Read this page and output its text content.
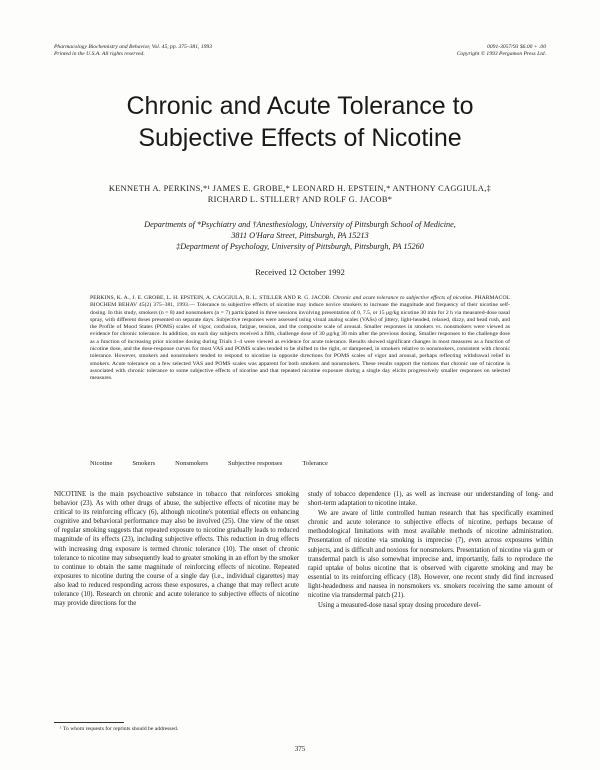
Pharmacology Biochemistry and Behavior, Vol. 45, pp. 375–381, 1993
Printed in the U.S.A. All rights reserved.
0091-3057/93 $6.00 + .00
Copyright © 1993 Pergamon Press Ltd.
Chronic and Acute Tolerance to
Subjective Effects of Nicotine
KENNETH A. PERKINS,*¹ JAMES E. GROBE,* LEONARD H. EPSTEIN,* ANTHONY CAGGIULA,‡
RICHARD L. STILLER† AND ROLF G. JACOB*
Departments of *Psychiatry and †Anesthesiology, University of Pittsburgh School of Medicine,
3811 O'Hara Street, Pittsburgh, PA 15213
‡Department of Psychology, University of Pittsburgh, Pittsburgh, PA 15260
Received 12 October 1992
PERKINS, K. A., J. E. GROBE, L. H. EPSTEIN, A. CAGGIULA, R. L. STILLER AND R. G. JACOB. Chronic and acute tolerance to subjective effects of nicotine. PHARMACOL BIOCHEM BEHAV 45(2) 375–381, 1993.— Tolerance to subjective effects of nicotine may induce novice smokers to increase the magnitude and frequency of their nicotine self-dosing. In this study, smokers (n = 8) and nonsmokers (n = 7) participated in three sessions involving presentation of 0, 7.5, or 15 μg/kg nicotine 30 min for 2 h via measured-dose nasal spray, with different doses presented on separate days. Subjective responses were assessed using visual analog scales (VASs) of jittery, light-headed, relaxed, dizzy, and head rush, and the Profile of Mood States (POMS) scales of vigor, confusion, fatigue, tension, and the composite scale of arousal. Smaller responses in smokers vs. nonsmokers were viewed as evidence for chronic tolerance. In addition, on each day subjects received a fifth, challenge dose of 30 μg/kg 30 min after the previous dosing. Smaller responses to the challenge dose as a function of increasing prior nicotine dosing during Trials 1–4 were viewed as evidence for acute tolerance. Results showed significant changes in most measures as a function of nicotine dose, and the dose-response curves for most VAS and POMS scales tended to be shifted to the right, or dampened, in smokers relative to nonsmokers, consistent with chronic tolerance. However, smokers and nonsmokers tended to respond to nicotine in opposite directions for POMS scales of vigor and arousal, perhaps reflecting withdrawal relief in smokers. Acute tolerance on a few selected VAS and POMS scales was apparent for both smokers and nonsmokers. These results support the notions that chronic use of nicotine is associated with chronic tolerance to some subjective effects of nicotine and that repeated nicotine exposure during a single day elicits progressively smaller responses on selected measures.
Nicotine	Smokers	Nonsmokers	Subjective responses	Tolerance

NICOTINE is the main psychoactive substance in tobacco that reinforces smoking behavior (23). As with other drugs of abuse, the subjective effects of nicotine may be critical to its reinforcing efficacy (6), although nicotine's potential effects on enhancing cognitive and behavioral performance may also be involved (25). One view of the onset of regular smoking suggests that repeated exposure to nicotine gradually leads to reduced magnitude of its effects (23), including subjective effects. This reduction in drug effects with increasing drug exposure is termed chronic tolerance (10). The onset of chronic tolerance to nicotine may subsequently lead to greater smoking in an effort by the smoker to continue to obtain the same magnitude of reinforcing effects of nicotine. Repeated exposures to nicotine during the course of a single day (i.e., individual cigarettes) may also lead to reduced responding across these exposures, a change that may reflect acute tolerance (10). Research on chronic and acute tolerance to subjective effects of nicotine may provide directions for the

study of tobacco dependence (1), as well as increase our understanding of long- and short-term adaptation to nicotine intake.

We are aware of little controlled human research that has specifically examined chronic and acute tolerance to subjective effects of nicotine, perhaps because of methodological limitations with most available methods of nicotine administration. Presentation of nicotine via smoking is imprecise (7), even across exposures within subjects, and is difficult and noxious for nonsmokers. Presentation of nicotine via gum or transdermal patch is also somewhat imprecise and, importantly, fails to reproduce the rapid uptake of bolus nicotine that is observed with cigarette smoking and may be essential to its reinforcing efficacy (18). However, one recent study did find increased light-headedness and nausea in nonsmokers vs. smokers receiving the same amount of nicotine via transdermal patch (21).

Using a measured-dose nasal spray dosing procedure devel-

¹ To whom requests for reprints should be addressed.
375
